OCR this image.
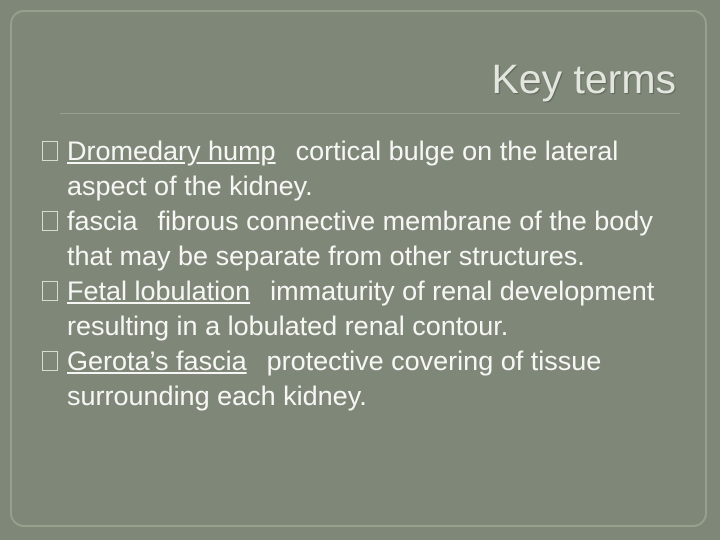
Key terms
Dromedary hump cortical bulge on the lateral aspect of the kidney.
fascia fibrous connective membrane of the body that may be separate from other structures.
Fetal lobulation immaturity of renal development resulting in a lobulated renal contour.
Gerota’s fascia protective covering of tissue surrounding each kidney.
